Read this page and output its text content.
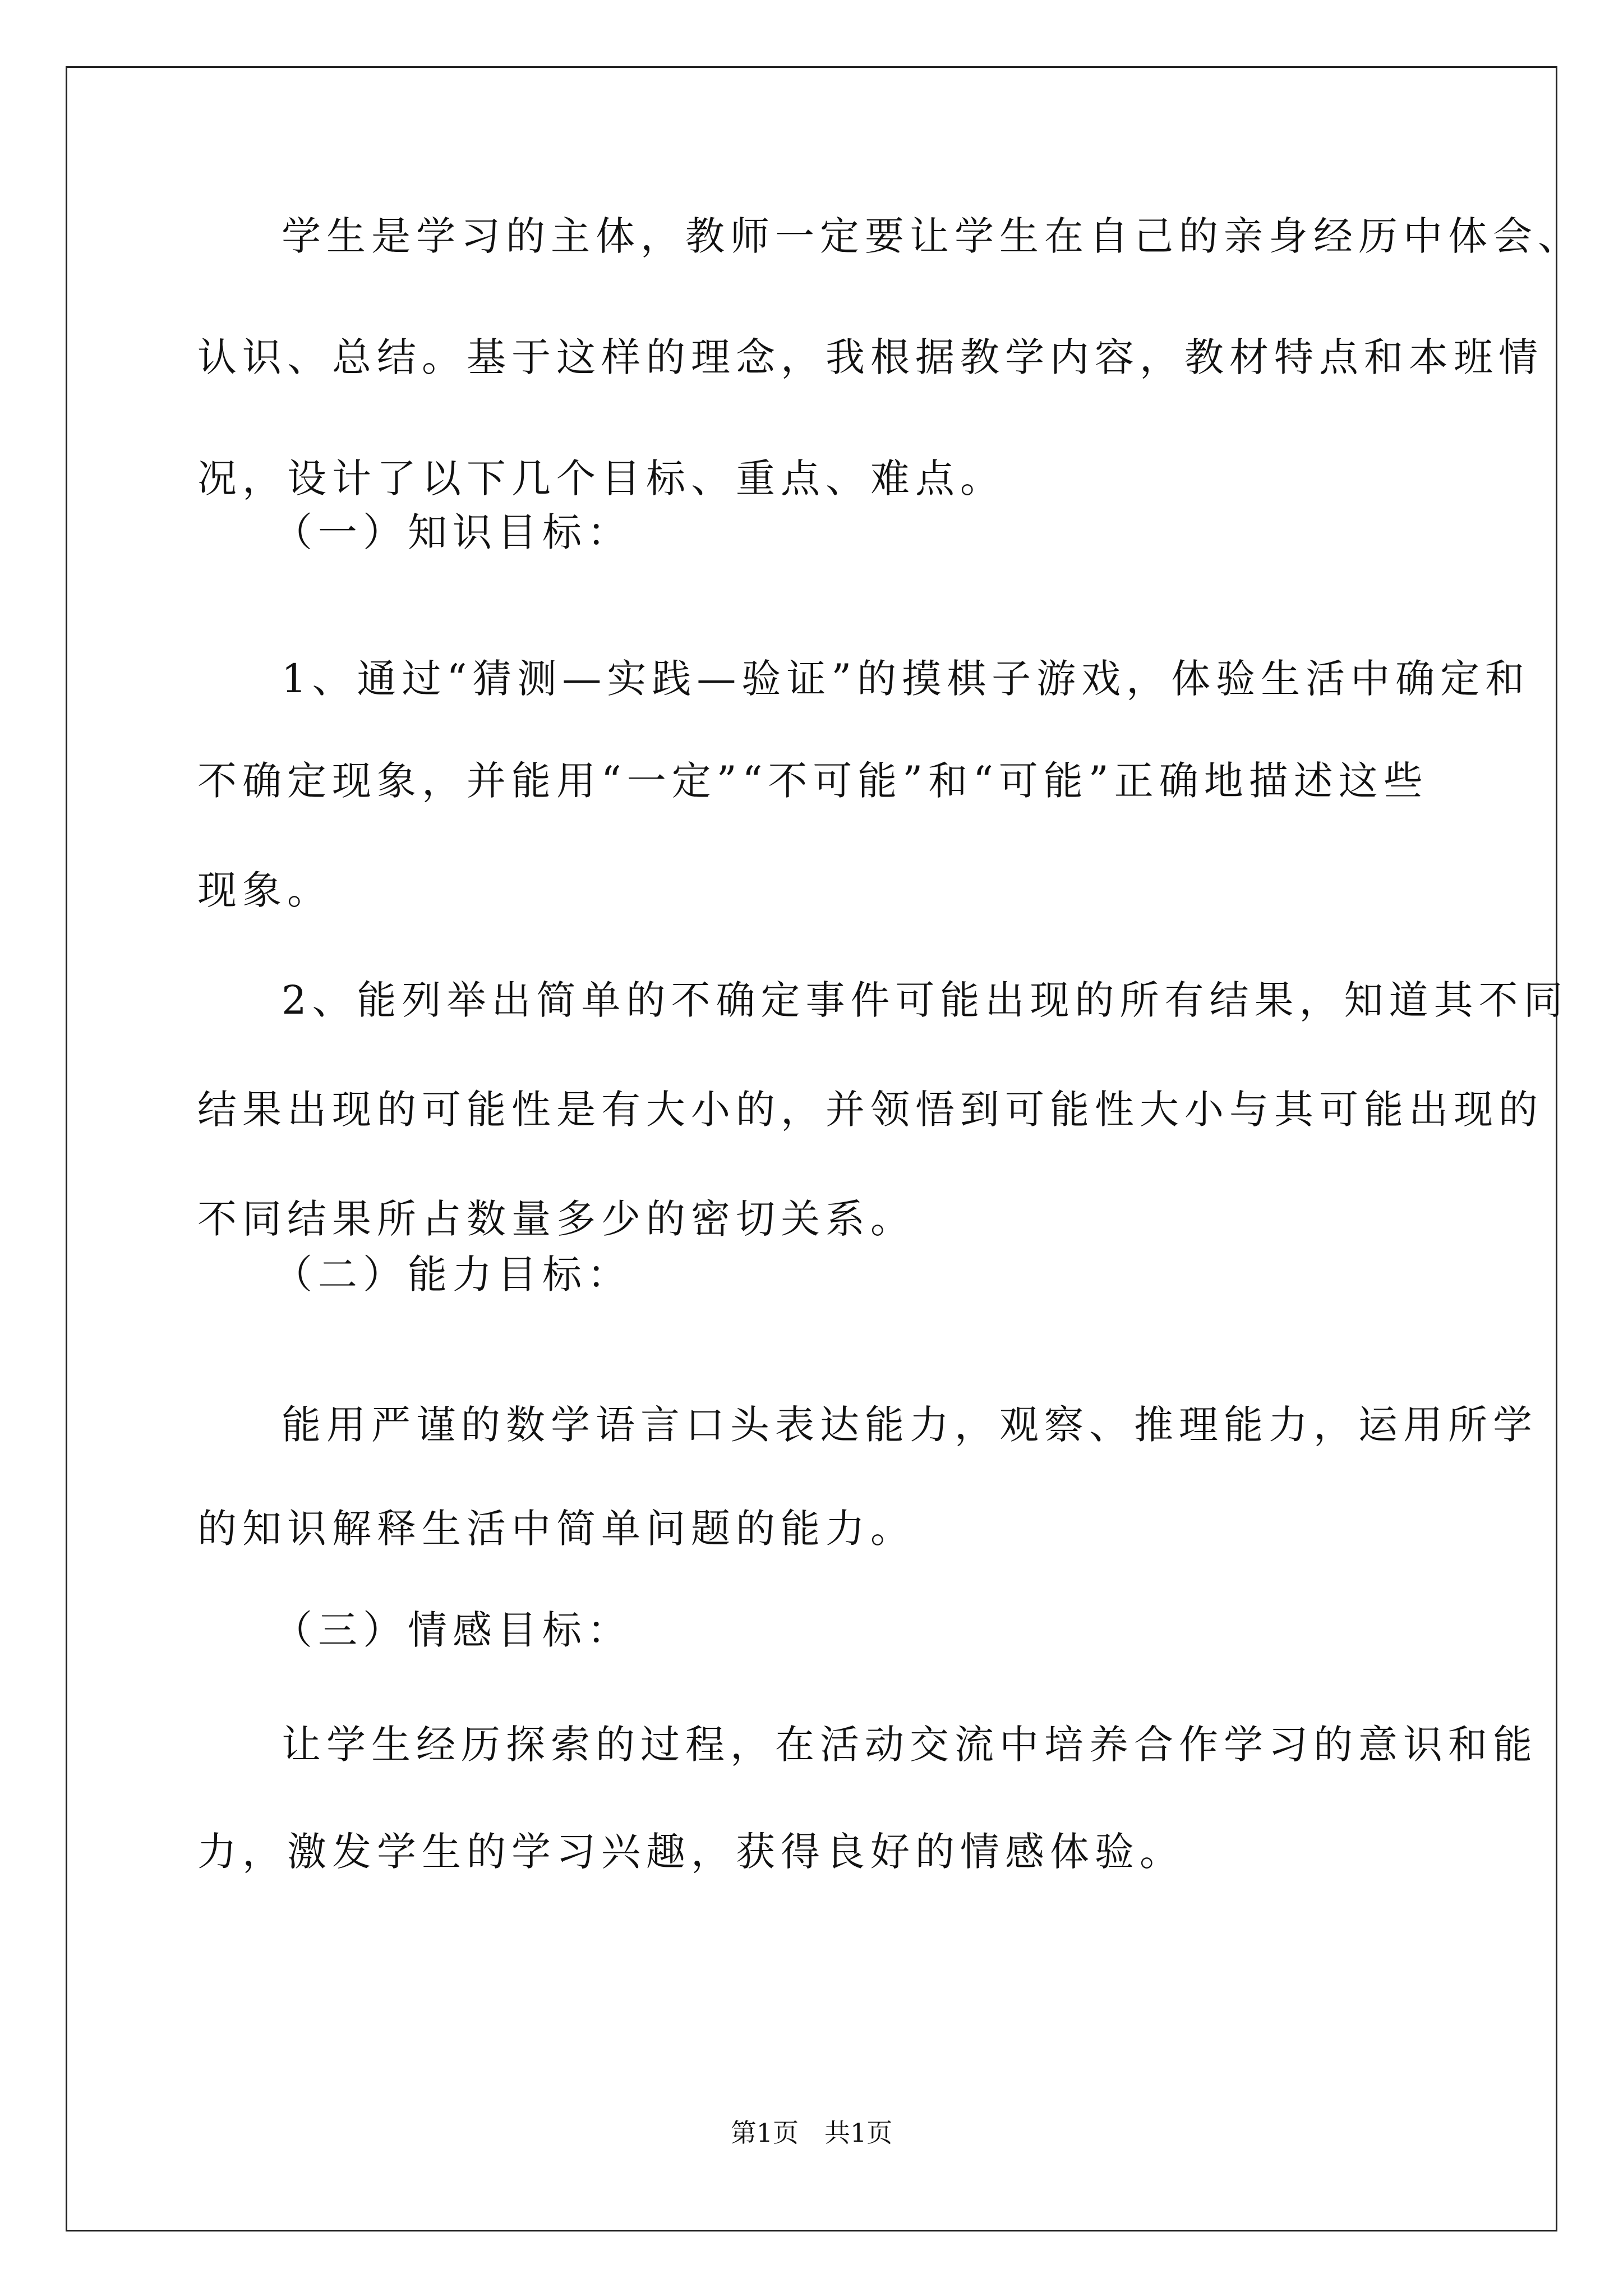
学生是学习的主体，教师一定要让学生在自己的亲身经历中体会、
认识、总结。基于这样的理念，我根据教学内容，教材特点和本班情
况，设计了以下几个目标、重点、难点。
（一）知识目标：
1、通过“猜测—实践—验证”的摸棋子游戏，体验生活中确定和
不确定现象，并能用“一定”“不可能”和“可能”正确地描述这些
现象。
2、能列举出简单的不确定事件可能出现的所有结果，知道其不同
结果出现的可能性是有大小的，并领悟到可能性大小与其可能出现的
不同结果所占数量多少的密切关系。
（二）能力目标：
能用严谨的数学语言口头表达能力，观察、推理能力，运用所学
的知识解释生活中简单问题的能力。
（三）情感目标：
让学生经历探索的过程，在活动交流中培养合作学习的意识和能
力，激发学生的学习兴趣，获得良好的情感体验。
第1页　共1页
